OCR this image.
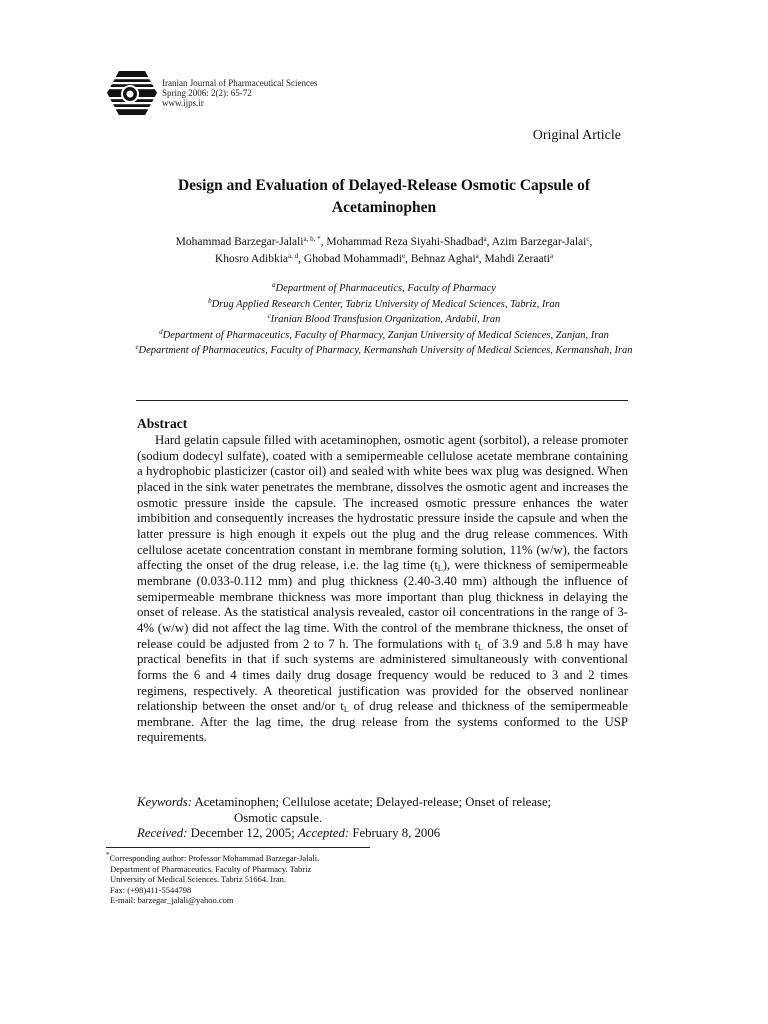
Iranian Journal of Pharmaceutical Sciences
Spring 2006: 2(2): 65-72
www.ijps.ir
Original Article
Design and Evaluation of Delayed-Release Osmotic Capsule of
Acetaminophen
Mohammad Barzegar-Jalali$^{a, b, *}$, Mohammad Reza Siyahi-Shadbad$^a$, Azim Barzegar-Jalai$^c$,
Khosro Adibkia$^{a, d}$, Ghobad Mohammadi$^e$, Behnaz Aghai$^a$, Mahdi Zeraati$^a$
$^a$Department of Pharmaceutics, Faculty of Pharmacy
$^b$Drug Applied Research Center, Tabriz University of Medical Sciences, Tabriz, Iran
$^c$Iranian Blood Transfusion Organization, Ardabil, Iran
$^d$Department of Pharmaceutics, Faculty of Pharmacy, Zanjan University of Medical Sciences, Zanjan, Iran
$^e$Department of Pharmaceutics, Faculty of Pharmacy, Kermanshah University of Medical Sciences, Kermanshah, Iran
Abstract

Hard gelatin capsule filled with acetaminophen, osmotic agent (sorbitol), a release promoter (sodium dodecyl sulfate), coated with a semipermeable cellulose acetate membrane containing a hydrophobic plasticizer (castor oil) and sealed with white bees wax plug was designed. When placed in the sink water penetrates the membrane, dissolves the osmotic agent and increases the osmotic pressure inside the capsule. The increased osmotic pressure enhances the water imbibition and consequently increases the hydrostatic pressure inside the capsule and when the latter pressure is high enough it expels out the plug and the drug release commences. With cellulose acetate concentration constant in membrane forming solution, 11% (w/w), the factors affecting the onset of the drug release, i.e. the lag time $(t_L)$, were thickness of semipermeable membrane (0.033-0.112 mm) and plug thickness (2.40-3.40 mm) although the influence of semipermeable membrane thickness was more important than plug thickness in delaying the onset of release. As the statistical analysis revealed, castor oil concentrations in the range of 3-4% (w/w) did not affect the lag time. With the control of the membrane thickness, the onset of release could be adjusted from 2 to 7 h. The formulations with $t_L$ of 3.9 and 5.8 h may have practical benefits in that if such systems are administered simultaneously with conventional forms the 6 and 4 times daily drug dosage frequency would be reduced to 3 and 2 times regimens, respectively. A theoretical justification was provided for the observed nonlinear relationship between the onset and/or $t_L$ of drug release and thickness of the semipermeable membrane. After the lag time, the drug release from the systems conformed to the USP requirements.

Keywords: Acetaminophen; Cellulose acetate; Delayed-release; Onset of release;
Osmotic capsule.
Received: December 12, 2005; Accepted: February 8, 2006
*Corresponding author: Professor Mohammad Barzegar-Jalali.
Department of Pharmaceutics. Faculty of Pharmacy. Tabriz
University of Medical Sciences. Tabriz 51664. Iran.
Fax: (+98)411-5544798
E-mail: barzegar_jalali@yahoo.com
